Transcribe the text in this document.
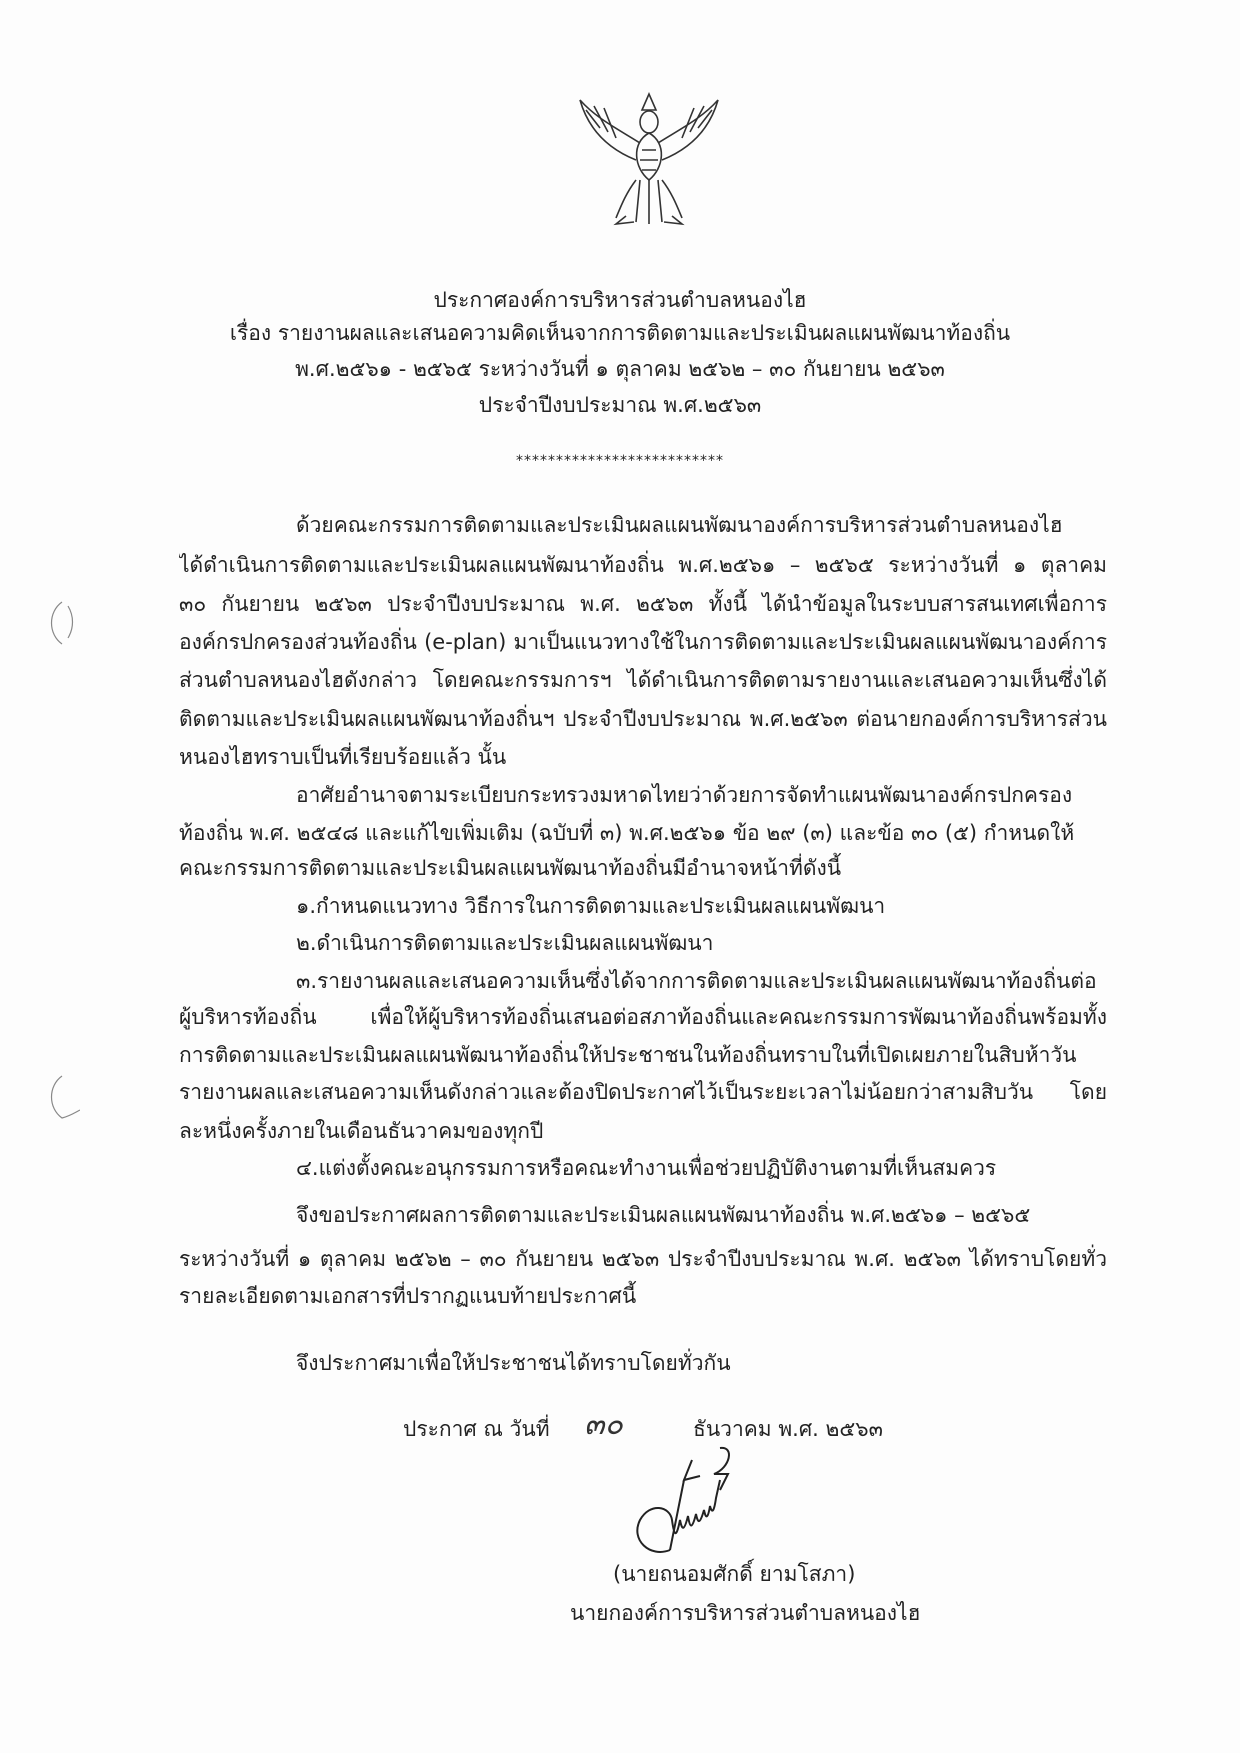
ประกาศองค์การบริหารส่วนตำบลหนองไฮ
เรื่อง รายงานผลและเสนอความคิดเห็นจากการติดตามและประเมินผลแผนพัฒนาท้องถิ่น
พ.ศ.๒๕๖๑ - ๒๕๖๕ ระหว่างวันที่ ๑ ตุลาคม ๒๕๖๒ – ๓๐ กันยายน ๒๕๖๓
ประจำปีงบประมาณ พ.ศ.๒๕๖๓
**************************
ด้วยคณะกรรมการติดตามและประเมินผลแผนพัฒนาองค์การบริหารส่วนตำบลหนองไฮ
ได้ดำเนินการติดตามและประเมินผลแผนพัฒนาท้องถิ่น พ.ศ.๒๕๖๑ – ๒๕๖๕ ระหว่างวันที่ ๑ ตุลาคม
๓๐ กันยายน ๒๕๖๓ ประจำปีงบประมาณ พ.ศ. ๒๕๖๓ ทั้งนี้ ได้นำข้อมูลในระบบสารสนเทศเพื่อการ
องค์กรปกครองส่วนท้องถิ่น (e-plan) มาเป็นแนวทางใช้ในการติดตามและประเมินผลแผนพัฒนาองค์การ
ส่วนตำบลหนองไฮดังกล่าว โดยคณะกรรมการฯ ได้ดำเนินการติดตามรายงานและเสนอความเห็นซึ่งได้
ติดตามและประเมินผลแผนพัฒนาท้องถิ่นฯ ประจำปีงบประมาณ พ.ศ.๒๕๖๓ ต่อนายกองค์การบริหารส่วน
หนองไฮทราบเป็นที่เรียบร้อยแล้ว นั้น
อาศัยอำนาจตามระเบียบกระทรวงมหาดไทยว่าด้วยการจัดทำแผนพัฒนาองค์กรปกครอง
ท้องถิ่น พ.ศ. ๒๕๔๘ และแก้ไขเพิ่มเติม (ฉบับที่ ๓) พ.ศ.๒๕๖๑ ข้อ ๒๙ (๓) และข้อ ๓๐ (๕) กำหนดให้
คณะกรรมการติดตามและประเมินผลแผนพัฒนาท้องถิ่นมีอำนาจหน้าที่ดังนี้
๑.กำหนดแนวทาง วิธีการในการติดตามและประเมินผลแผนพัฒนา
๒.ดำเนินการติดตามและประเมินผลแผนพัฒนา
๓.รายงานผลและเสนอความเห็นซึ่งได้จากการติดตามและประเมินผลแผนพัฒนาท้องถิ่นต่อ
ผู้บริหารท้องถิ่น เพื่อให้ผู้บริหารท้องถิ่นเสนอต่อสภาท้องถิ่นและคณะกรรมการพัฒนาท้องถิ่นพร้อมทั้ง
การติดตามและประเมินผลแผนพัฒนาท้องถิ่นให้ประชาชนในท้องถิ่นทราบในที่เปิดเผยภายในสิบห้าวัน
รายงานผลและเสนอความเห็นดังกล่าวและต้องปิดประกาศไว้เป็นระยะเวลาไม่น้อยกว่าสามสิบวัน โดย
ละหนึ่งครั้งภายในเดือนธันวาคมของทุกปี
๔.แต่งตั้งคณะอนุกรรมการหรือคณะทำงานเพื่อช่วยปฏิบัติงานตามที่เห็นสมควร
จึงขอประกาศผลการติดตามและประเมินผลแผนพัฒนาท้องถิ่น พ.ศ.๒๕๖๑ – ๒๕๖๕
ระหว่างวันที่ ๑ ตุลาคม ๒๕๖๒ – ๓๐ กันยายน ๒๕๖๓ ประจำปีงบประมาณ พ.ศ. ๒๕๖๓ ได้ทราบโดยทั่ว
รายละเอียดตามเอกสารที่ปรากฏแนบท้ายประกาศนี้
จึงประกาศมาเพื่อให้ประชาชนได้ทราบโดยทั่วกัน
ประกาศ ณ วันที่ ๓๐	ธันวาคม พ.ศ. ๒๕๖๓
(นายถนอมศักดิ์ ยามโสภา)
นายกองค์การบริหารส่วนตำบลหนองไฮ
